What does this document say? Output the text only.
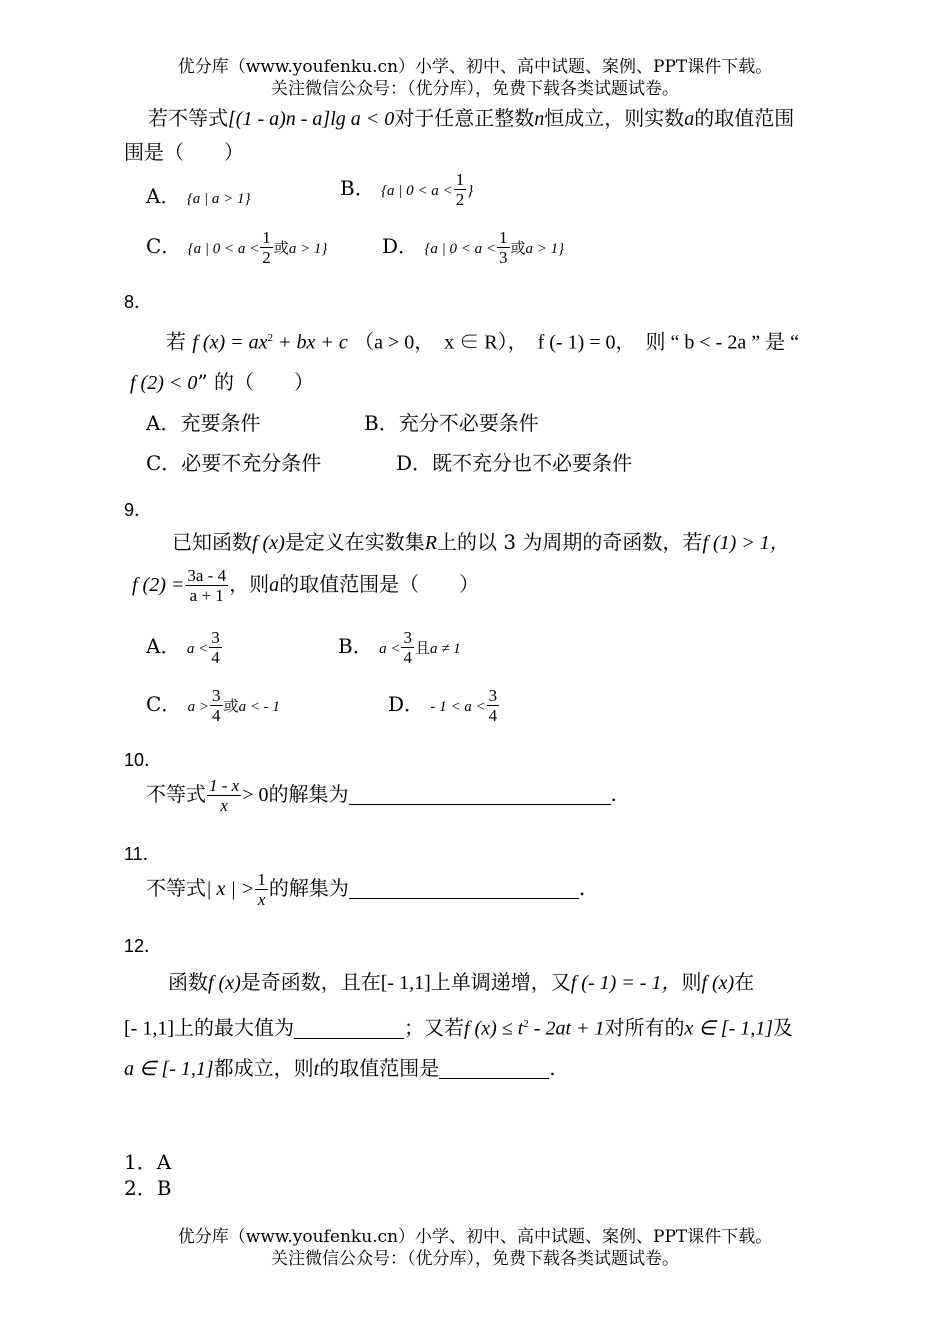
优分库（www.youfenku.cn）小学、初中、高中试题、案例、PPT课件下载。
关注微信公众号：（优分库），免费下载各类试题试卷。
若不等式[(1 - a)n - a]lg a < 0对于任意正整数n恒成立，则实数a的取值范围
围是（　　）
A． {a | a > 1}	B． {a | $0 < a < \frac{1}{2}$ }
C． {a | $0 < a < \frac{1}{2}$ 或a > 1}	D． {a | $0 < a < \frac{1}{3}$ 或a > 1}
8．
若 f $(x) = ax^2$ + bx + c （a > 0，　x ∈ R），　f (- 1) = 0，　则 “ b < - 2a ” 是 “
f (2) < 0” 的（　　）
A．充要条件	B．充分不必要条件
C．必要不充分条件	D．既不充分也不必要条件
9．
已知函数f (x)是定义在实数集R上的以 3 为周期的奇函数，若f (1) > 1，
f $(2) = \frac{3a - 4}{a + 1}$ ，则a的取值范围是（　　）
A． $a < \frac{3}{4}$	B． $a < \frac{3}{4}$ 且a ≠ 1
C． $a > \frac{3}{4}$ 或a < - 1	D． - $1 < a < \frac{3}{4}$
10．
不等式 $\frac{1 - x}{x} > 0$的解集为	.
11．
不等式| x | > $\frac{1}{x}$ 的解集为	.
12．
函数f (x)是奇函数，且在[- 1,1]上单调递增，又f (- 1) = - 1，则f (x)在
[- 1,1]上的最大值为	；又若f $(x) \le t^2 - 2at + 1$对所有的x ∈ [- 1,1]及
a ∈ [- 1,1]都成立，则t的取值范围是	.
1．A
2．B
优分库（www.youfenku.cn）小学、初中、高中试题、案例、PPT课件下载。
关注微信公众号：（优分库），免费下载各类试题试卷。
